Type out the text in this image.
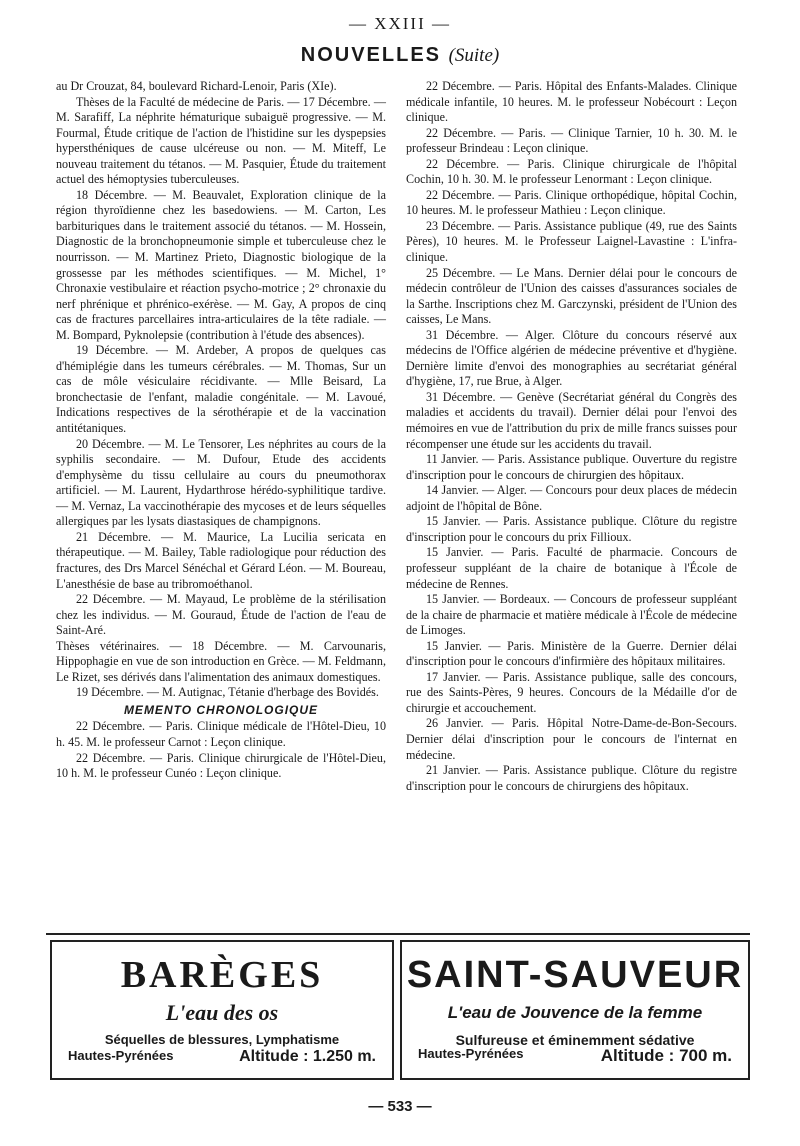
— XXIII —
NOUVELLES (Suite)

au Dr Crouzat, 84, boulevard Richard-Lenoir, Paris (XIe).

Thèses de la Faculté de médecine de Paris. — 17 Décembre. — M. Sarafiff, La néphrite hématurique subaiguë progressive. — M. Fourmal, Étude critique de l'action de l'histidine sur les dyspepsies hypersthéniques de cause ulcéreuse ou non. — M. Miteff, Le nouveau traitement du tétanos. — M. Pasquier, Étude du traitement actuel des hémoptysies tuberculeuses.

18 Décembre. — M. Beauvalet, Exploration clinique de la région thyroïdienne chez les basedowiens. — M. Carton, Les barbituriques dans le traitement associé du tétanos. — M. Hossein, Diagnostic de la bronchopneumonie simple et tuberculeuse chez le nourrisson. — M. Martinez Prieto, Diagnostic biologique de la grossesse par les méthodes scientifiques. — M. Michel, 1° Chronaxie vestibulaire et réaction psycho-motrice ; 2° chronaxie du nerf phrénique et phrénico-exérèse. — M. Gay, A propos de cinq cas de fractures parcellaires intra-articulaires de la tête radiale. — M. Bompard, Pyknolepsie (contribution à l'étude des absences).

19 Décembre. — M. Ardeber, A propos de quelques cas d'hémiplégie dans les tumeurs cérébrales. — M. Thomas, Sur un cas de môle vésiculaire récidivante. — Mlle Beisard, La bronchectasie de l'enfant, maladie congénitale. — M. Lavoué, Indications respectives de la sérothérapie et de la vaccination antitétaniques.

20 Décembre. — M. Le Tensorer, Les néphrites au cours de la syphilis secondaire. — M. Dufour, Etude des accidents d'emphysème du tissu cellulaire au cours du pneumothorax artificiel. — M. Laurent, Hydarthrose hérédo-syphilitique tardive. — M. Vernaz, La vaccinothérapie des mycoses et de leurs séquelles allergiques par les lysats diastasiques de champignons.

21 Décembre. — M. Maurice, La Lucilia sericata en thérapeutique. — M. Bailey, Table radiologique pour réduction des fractures, des Drs Marcel Sénéchal et Gérard Léon. — M. Boureau, L'anesthésie de base au tribromoéthanol.

22 Décembre. — M. Mayaud, Le problème de la stérilisation chez les individus. — M. Gouraud, Étude de l'action de l'eau de Saint-Aré.

Thèses vétérinaires. — 18 Décembre. — M. Carvounaris, Hippophagie en vue de son introduction en Grèce. — M. Feldmann, Le Rizet, ses dérivés dans l'alimentation des animaux domestiques.

19 Décembre. — M. Autignac, Tétanie d'herbage des Bovidés.

MEMENTO CHRONOLOGIQUE

22 Décembre. — Paris. Clinique médicale de l'Hôtel-Dieu, 10 h. 45. M. le professeur Carnot : Leçon clinique.

22 Décembre. — Paris. Clinique chirurgicale de l'Hôtel-Dieu, 10 h. M. le professeur Cunéo : Leçon clinique.

22 Décembre. — Paris. Hôpital des Enfants-Malades. Clinique médicale infantile, 10 heures. M. le professeur Nobécourt : Leçon clinique.

22 Décembre. — Paris. — Clinique Tarnier, 10 h. 30. M. le professeur Brindeau : Leçon clinique.

22 Décembre. — Paris. Clinique chirurgicale de l'hôpital Cochin, 10 h. 30. M. le professeur Lenormant : Leçon clinique.

22 Décembre. — Paris. Clinique orthopédique, hôpital Cochin, 10 heures. M. le professeur Mathieu : Leçon clinique.

23 Décembre. — Paris. Assistance publique (49, rue des Saints Pères), 10 heures. M. le Professeur Laignel-Lavastine : L'infra-clinique.

25 Décembre. — Le Mans. Dernier délai pour le concours de médecin contrôleur de l'Union des caisses d'assurances sociales de la Sarthe. Inscriptions chez M. Garczynski, président de l'Union des caisses, Le Mans.

31 Décembre. — Alger. Clôture du concours réservé aux médecins de l'Office algérien de médecine préventive et d'hygiène. Dernière limite d'envoi des monographies au secrétariat général d'hygiène, 17, rue Brue, à Alger.

31 Décembre. — Genève (Secrétariat général du Congrès des maladies et accidents du travail). Dernier délai pour l'envoi des mémoires en vue de l'attribution du prix de mille francs suisses pour récompenser une étude sur les accidents du travail.

11 Janvier. — Paris. Assistance publique. Ouverture du registre d'inscription pour le concours de chirurgien des hôpitaux.

14 Janvier. — Alger. — Concours pour deux places de médecin adjoint de l'hôpital de Bône.

15 Janvier. — Paris. Assistance publique. Clôture du registre d'inscription pour le concours du prix Fillioux.

15 Janvier. — Paris. Faculté de pharmacie. Concours de professeur suppléant de la chaire de botanique à l'École de médecine de Rennes.

15 Janvier. — Bordeaux. — Concours de professeur suppléant de la chaire de pharmacie et matière médicale à l'École de médecine de Limoges.

15 Janvier. — Paris. Ministère de la Guerre. Dernier délai d'inscription pour le concours d'infirmière des hôpitaux militaires.

17 Janvier. — Paris. Assistance publique, salle des concours, rue des Saints-Pères, 9 heures. Concours de la Médaille d'or de chirurgie et accouchement.

26 Janvier. — Paris. Hôpital Notre-Dame-de-Bon-Secours. Dernier délai d'inscription pour le concours de l'internat en médecine.

21 Janvier. — Paris. Assistance publique. Clôture du registre d'inscription pour le concours de chirurgiens des hôpitaux.

BARÈGES
L'eau des os
Séquelles de blessures, Lymphatisme
Hautes-Pyrénées	Altitude : 1.250 m.
SAINT-SAUVEUR
L'eau de Jouvence de la femme
Sulfureuse et éminemment sédative
Hautes-Pyrénées	Altitude : 700 m.
— 533 —
